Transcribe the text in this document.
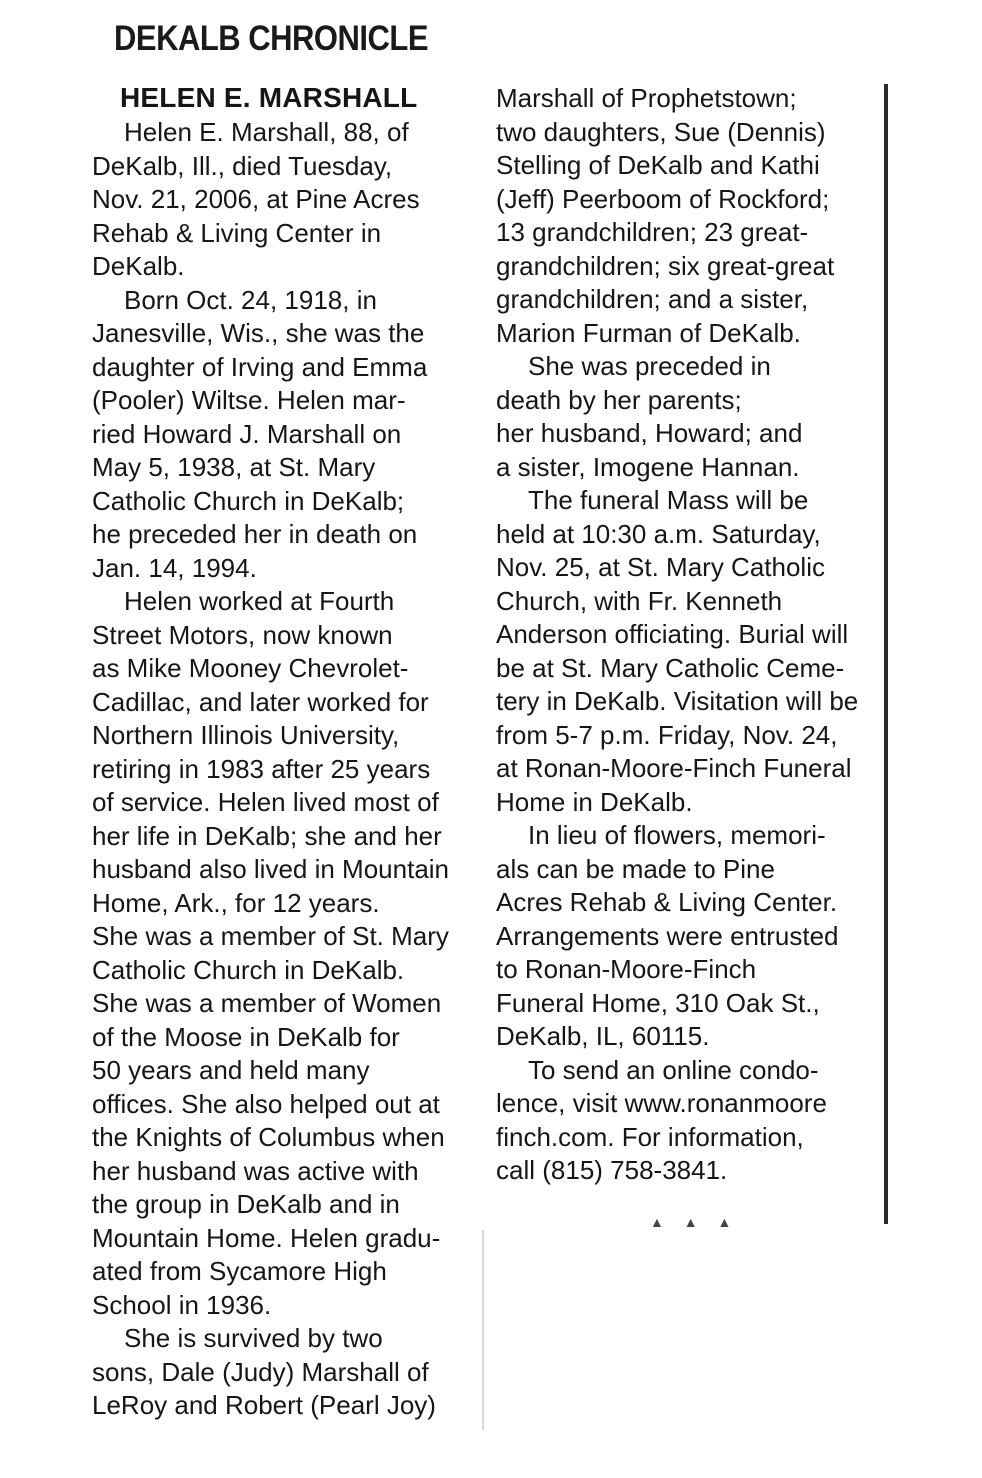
DEKALB CHRONICLE
HELEN E. MARSHALL
Helen E. Marshall, 88, of
DeKalb, Ill., died Tuesday,
Nov. 21, 2006, at Pine Acres
Rehab & Living Center in
DeKalb.
Born Oct. 24, 1918, in
Janesville, Wis., she was the
daughter of Irving and Emma
(Pooler) Wiltse. Helen mar-
ried Howard J. Marshall on
May 5, 1938, at St. Mary
Catholic Church in DeKalb;
he preceded her in death on
Jan. 14, 1994.
Helen worked at Fourth
Street Motors, now known
as Mike Mooney Chevrolet-
Cadillac, and later worked for
Northern Illinois University,
retiring in 1983 after 25 years
of service. Helen lived most of
her life in DeKalb; she and her
husband also lived in Mountain
Home, Ark., for 12 years.
She was a member of St. Mary
Catholic Church in DeKalb.
She was a member of Women
of the Moose in DeKalb for
50 years and held many
offices. She also helped out at
the Knights of Columbus when
her husband was active with
the group in DeKalb and in
Mountain Home. Helen gradu-
ated from Sycamore High
School in 1936.
She is survived by two
sons, Dale (Judy) Marshall of
LeRoy and Robert (Pearl Joy)
Marshall of Prophetstown;
two daughters, Sue (Dennis)
Stelling of DeKalb and Kathi
(Jeff) Peerboom of Rockford;
13 grandchildren; 23 great-
grandchildren; six great-great
grandchildren; and a sister,
Marion Furman of DeKalb.
She was preceded in
death by her parents;
her husband, Howard; and
a sister, Imogene Hannan.
The funeral Mass will be
held at 10:30 a.m. Saturday,
Nov. 25, at St. Mary Catholic
Church, with Fr. Kenneth
Anderson officiating. Burial will
be at St. Mary Catholic Ceme-
tery in DeKalb. Visitation will be
from 5-7 p.m. Friday, Nov. 24,
at Ronan-Moore-Finch Funeral
Home in DeKalb.
In lieu of flowers, memori-
als can be made to Pine
Acres Rehab & Living Center.
Arrangements were entrusted
to Ronan-Moore-Finch
Funeral Home, 310 Oak St.,
DeKalb, IL, 60115.
To send an online condo-
lence, visit www.ronanmoore
finch.com. For information,
call (815) 758-3841.
▲ ▲ ▲
